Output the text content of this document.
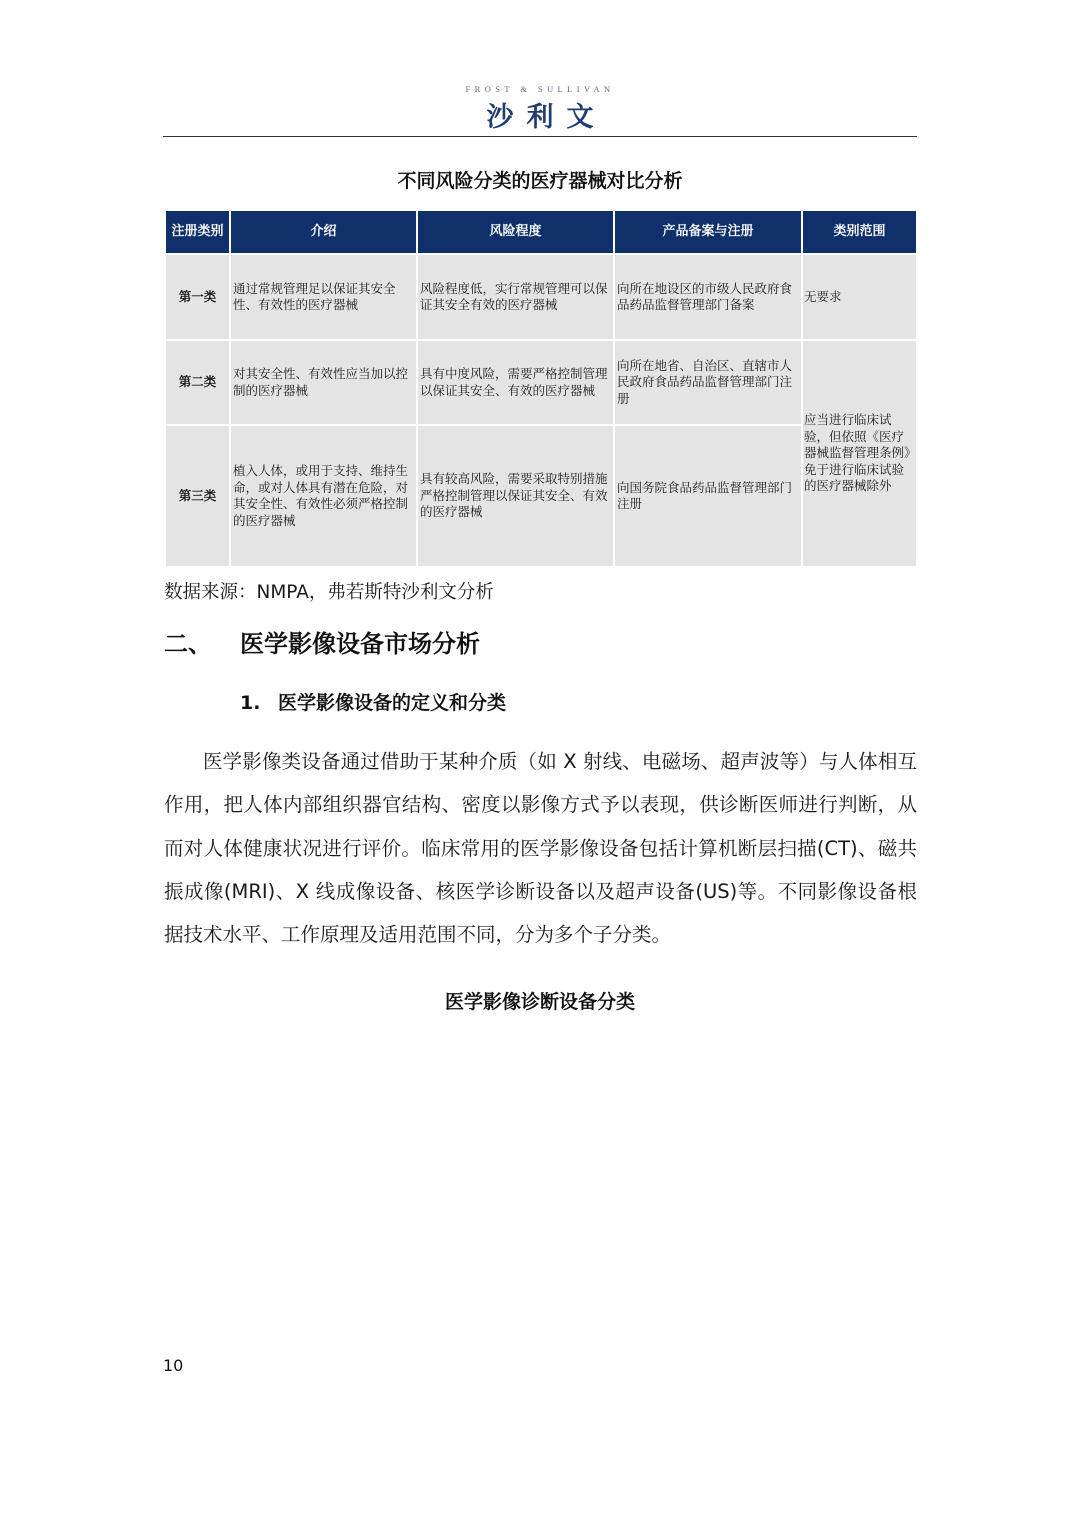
FROST & SULLIVAN
沙利文
不同风险分类的医疗器械对比分析
注册类别	介绍	风险程度	产品备案与注册	类别范围
第一类	通过常规管理足以保证其安全性、有效性的医疗器械	风险程度低，实行常规管理可以保证其安全有效的医疗器械	向所在地设区的市级人民政府食品药品监督管理部门备案	无要求
第二类	对其安全性、有效性应当加以控制的医疗器械	具有中度风险，需要严格控制管理以保证其安全、有效的医疗器械	向所在地省、自治区、直辖市人民政府食品药品监督管理部门注册	应当进行临床试验，但依照《医疗器械监督管理条例》免于进行临床试验的医疗器械除外
第三类	植入人体，或用于支持、维持生命，或对人体具有潜在危险，对其安全性、有效性必须严格控制的医疗器械	具有较高风险，需要采取特别措施严格控制管理以保证其安全、有效的医疗器械	向国务院食品药品监督管理部门注册	
数据来源：NMPA，弗若斯特沙利文分析
二、 医学影像设备市场分析
1. 医学影像设备的定义和分类
医学影像类设备通过借助于某种介质（如 X 射线、电磁场、超声波等）与人体相互作用，把人体内部组织器官结构、密度以影像方式予以表现，供诊断医师进行判断，从而对人体健康状况进行评价。临床常用的医学影像设备包括计算机断层扫描(CT)、磁共振成像(MRI)、X 线成像设备、核医学诊断设备以及超声设备(US)等。不同影像设备根据技术水平、工作原理及适用范围不同，分为多个子分类。
医学影像诊断设备分类
10
